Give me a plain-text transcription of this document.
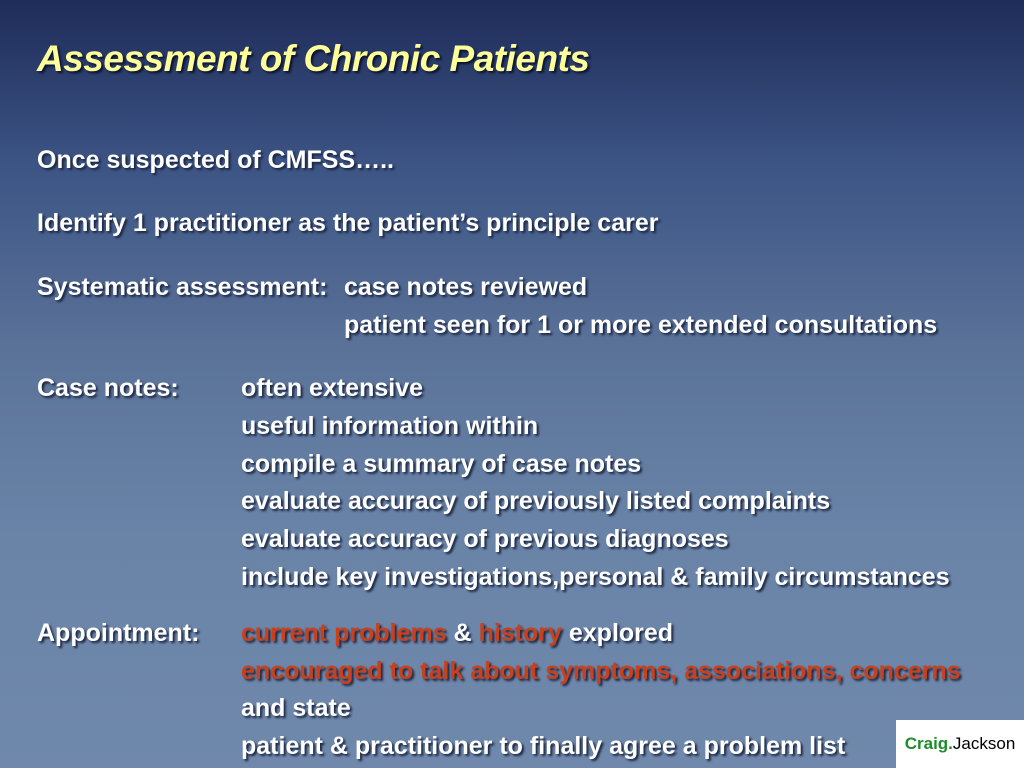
Assessment of Chronic Patients
Once suspected of CMFSS…..
Identify 1 practitioner as the patient’s principle carer
Systematic assessment: case notes reviewed
patient seen for 1 or more extended consultations
Case notes: often extensive
useful information within
compile a summary of case notes
evaluate accuracy of previously listed complaints
evaluate accuracy of previous diagnoses
include key investigations,personal & family circumstances
Appointment: current problems & history explored
encouraged to talk about symptoms, associations, concerns
and state
patient & practitioner to finally agree a problem list	Craig. Jackson
